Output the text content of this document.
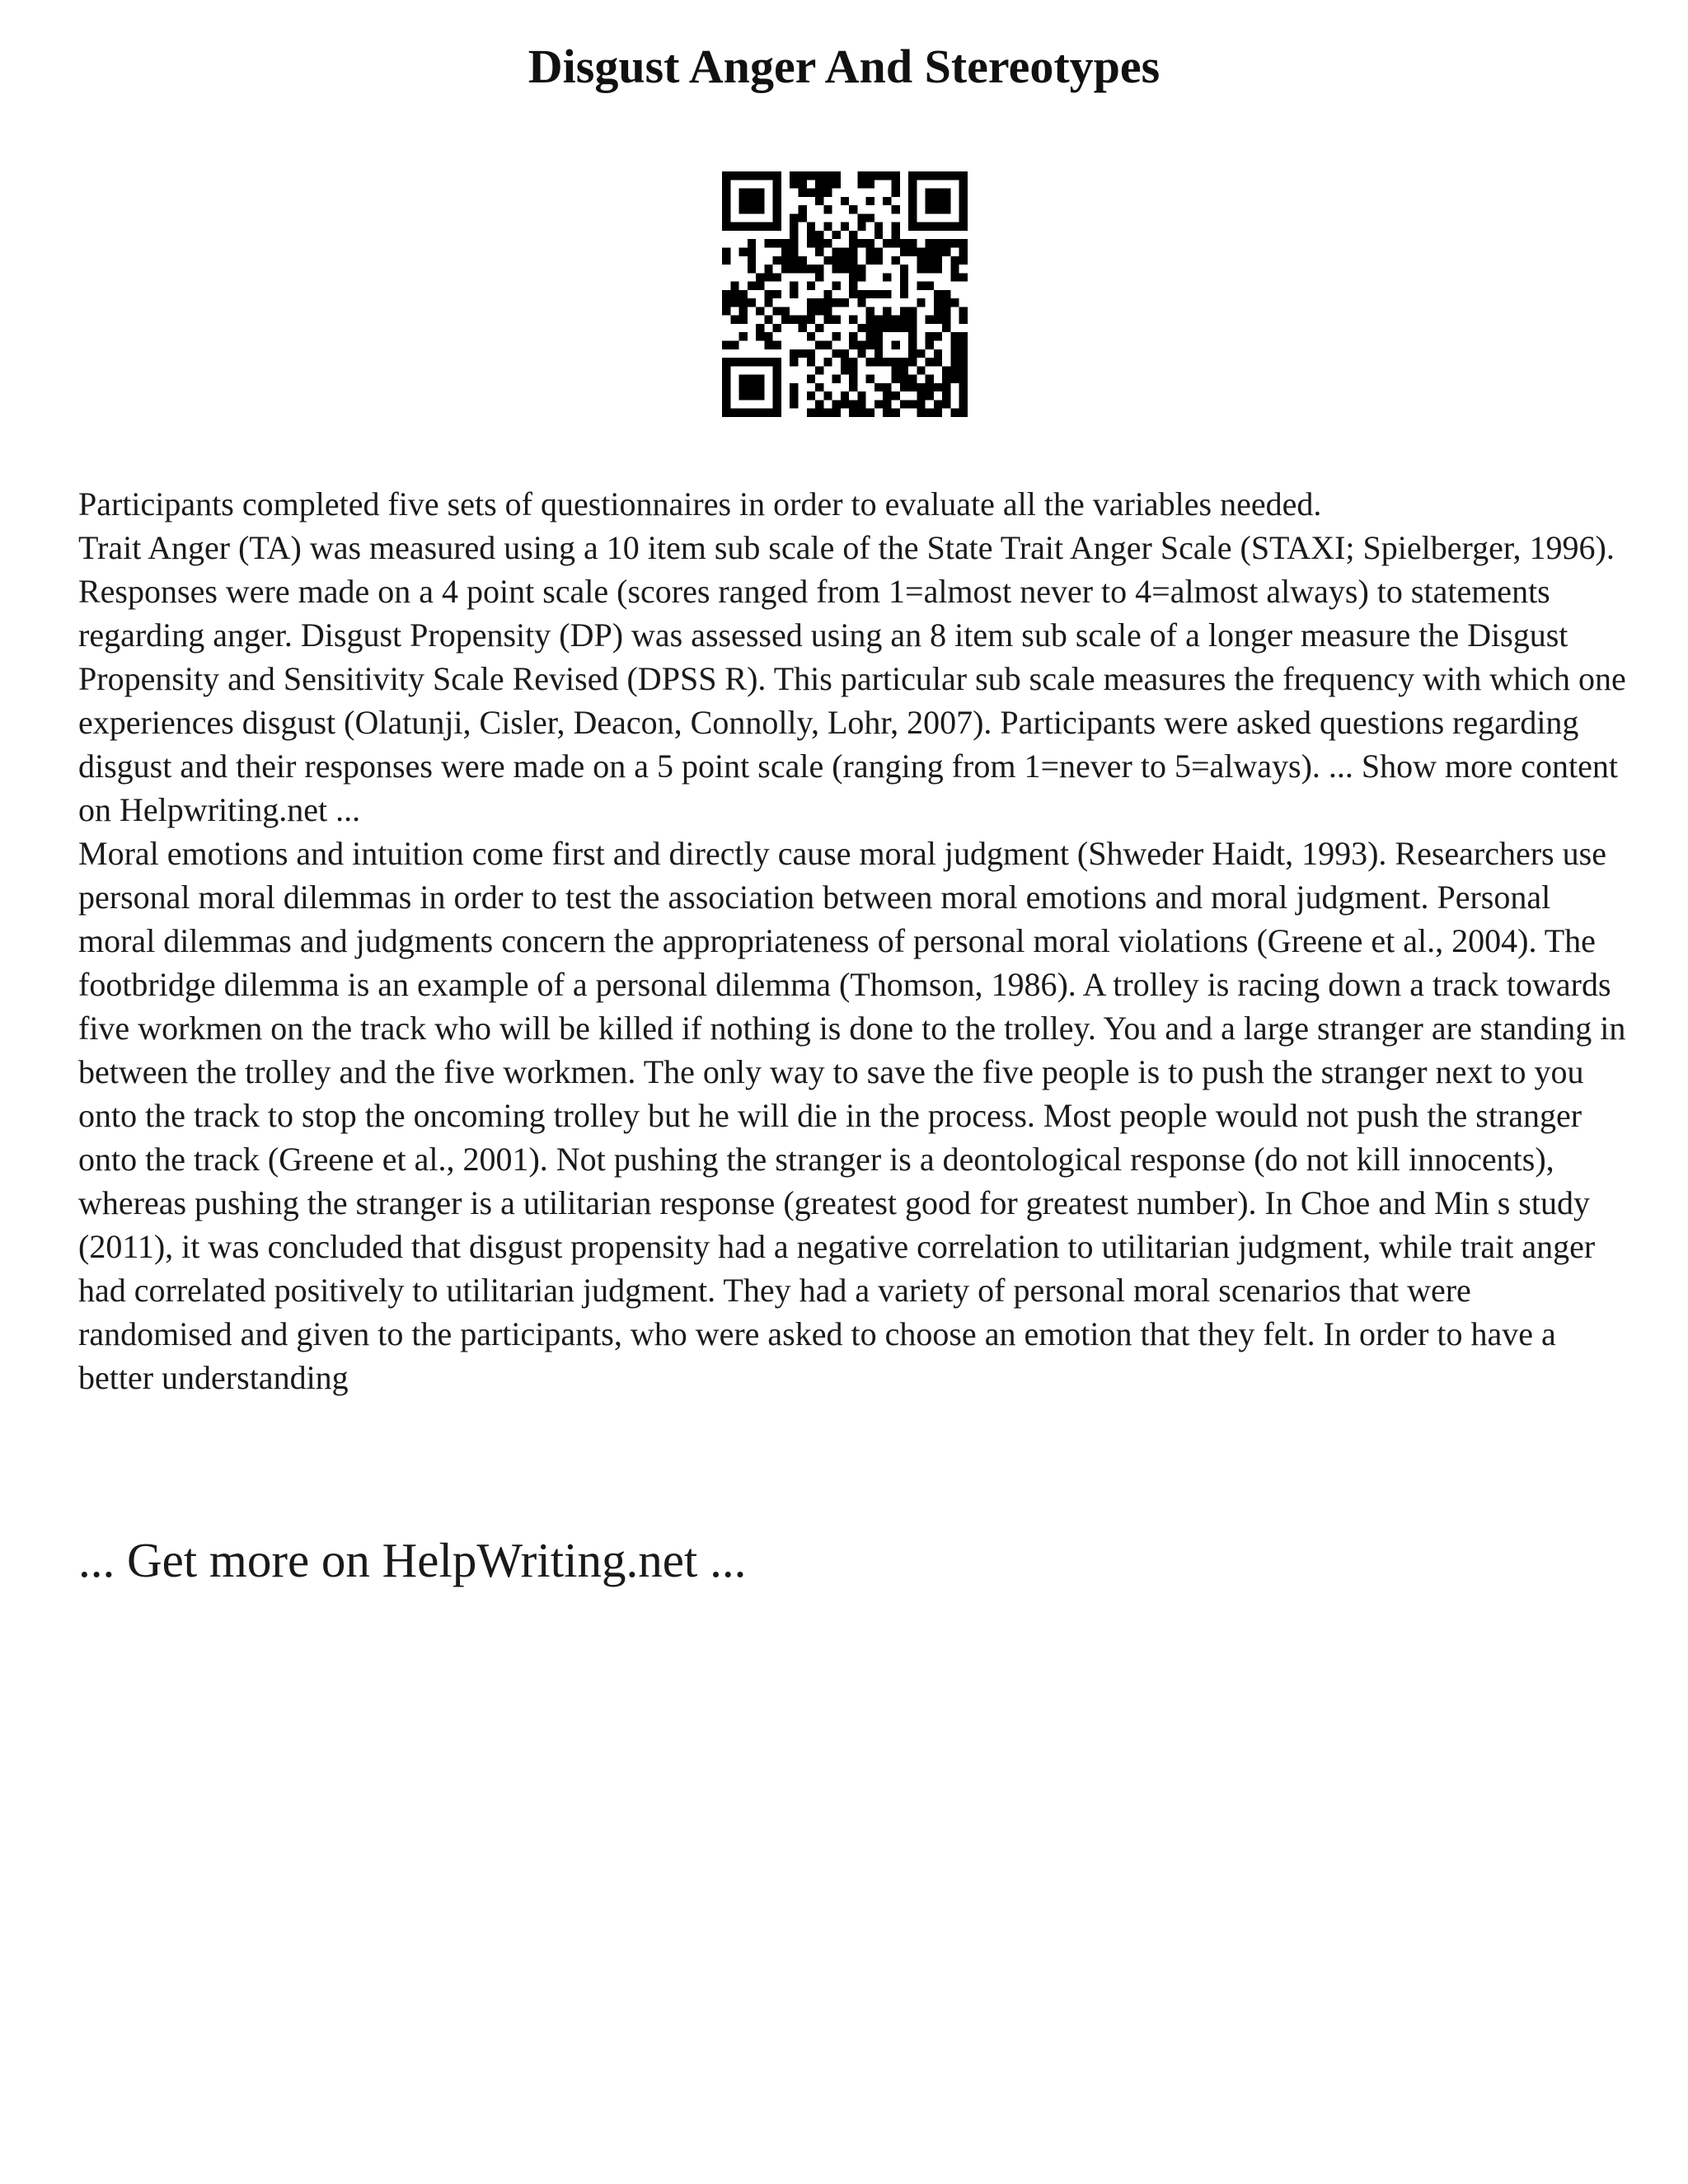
Disgust Anger And Stereotypes

Participants completed five sets of questionnaires in order to evaluate all the variables needed.

Trait Anger (TA) was measured using a 10 item sub scale of the State Trait Anger Scale (STAXI; Spielberger, 1996). Responses were made on a 4 point scale (scores ranged from 1=almost never to 4=almost always) to statements regarding anger. Disgust Propensity (DP) was assessed using an 8 item sub scale of a longer measure the Disgust Propensity and Sensitivity Scale Revised (DPSS R). This particular sub scale measures the frequency with which one experiences disgust (Olatunji, Cisler, Deacon, Connolly, Lohr, 2007). Participants were asked questions regarding disgust and their responses were made on a 5 point scale (ranging from 1=never to 5=always). ... Show more content on Helpwriting.net ...

Moral emotions and intuition come first and directly cause moral judgment (Shweder Haidt, 1993). Researchers use personal moral dilemmas in order to test the association between moral emotions and moral judgment. Personal moral dilemmas and judgments concern the appropriateness of personal moral violations (Greene et al., 2004). The footbridge dilemma is an example of a personal dilemma (Thomson, 1986). A trolley is racing down a track towards five workmen on the track who will be killed if nothing is done to the trolley. You and a large stranger are standing in between the trolley and the five workmen. The only way to save the five people is to push the stranger next to you onto the track to stop the oncoming trolley but he will die in the process. Most people would not push the stranger onto the track (Greene et al., 2001). Not pushing the stranger is a deontological response (do not kill innocents), whereas pushing the stranger is a utilitarian response (greatest good for greatest number). In Choe and Min s study (2011), it was concluded that disgust propensity had a negative correlation to utilitarian judgment, while trait anger had correlated positively to utilitarian judgment. They had a variety of personal moral scenarios that were randomised and given to the participants, who were asked to choose an emotion that they felt. In order to have a better understanding

... Get more on HelpWriting.net ...
